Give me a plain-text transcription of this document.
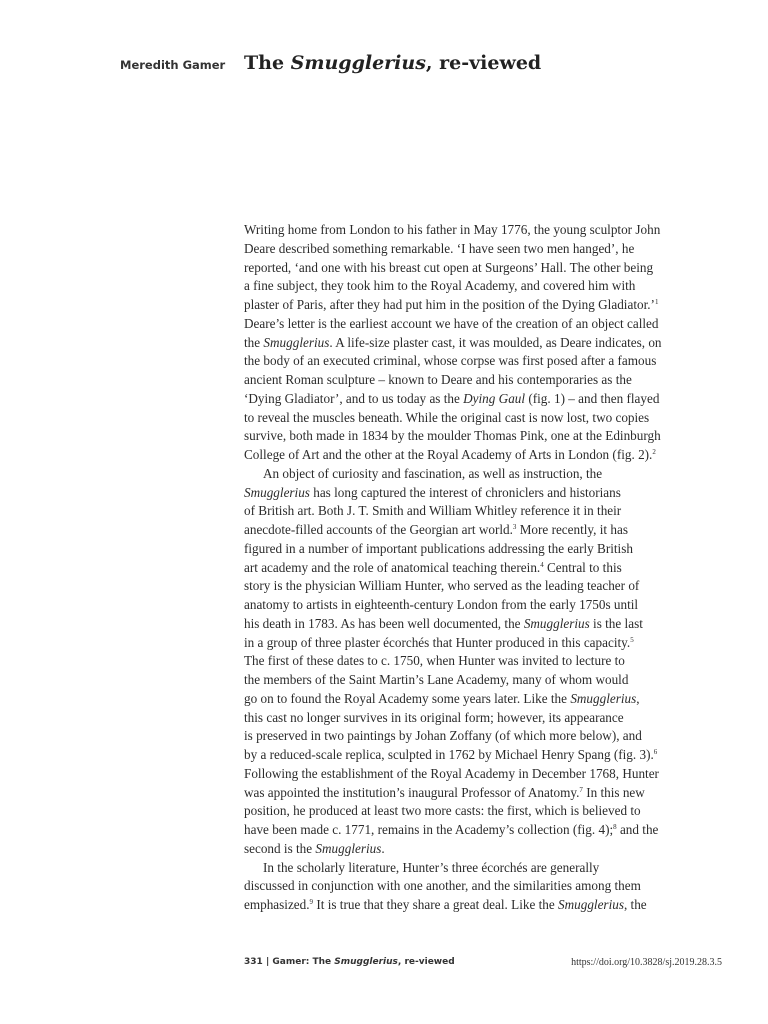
Meredith Gamer The Smugglerius, re-viewed
Writing home from London to his father in May 1776, the young sculptor John
Deare described something remarkable. ‘I have seen two men hanged’, he
reported, ‘and one with his breast cut open at Surgeons’ Hall. The other being
a fine subject, they took him to the Royal Academy, and covered him with
plaster of Paris, after they had put him in the position of the Dying Gladiator.’$^1$
Deare’s letter is the earliest account we have of the creation of an object called
the Smugglerius. A life-size plaster cast, it was moulded, as Deare indicates, on
the body of an executed criminal, whose corpse was first posed after a famous
ancient Roman sculpture – known to Deare and his contemporaries as the
‘Dying Gladiator’, and to us today as the Dying Gaul (fig. 1) – and then flayed
to reveal the muscles beneath. While the original cast is now lost, two copies
survive, both made in 1834 by the moulder Thomas Pink, one at the Edinburgh
College of Art and the other at the Royal Academy of Arts in London (fig. 2).$^2$
An object of curiosity and fascination, as well as instruction, the
Smugglerius has long captured the interest of chroniclers and historians
of British art. Both J. T. Smith and William Whitley reference it in their
anecdote-filled accounts of the Georgian art world.$^3$ More recently, it has
figured in a number of important publications addressing the early British
art academy and the role of anatomical teaching therein.$^4$ Central to this
story is the physician William Hunter, who served as the leading teacher of
anatomy to artists in eighteenth-century London from the early 1750s until
his death in 1783. As has been well documented, the Smugglerius is the last
in a group of three plaster écorchés that Hunter produced in this capacity.$^5$
The first of these dates to c. 1750, when Hunter was invited to lecture to
the members of the Saint Martin’s Lane Academy, many of whom would
go on to found the Royal Academy some years later. Like the Smugglerius,
this cast no longer survives in its original form; however, its appearance
is preserved in two paintings by Johan Zoffany (of which more below), and
by a reduced-scale replica, sculpted in 1762 by Michael Henry Spang (fig. 3).$^6$
Following the establishment of the Royal Academy in December 1768, Hunter
was appointed the institution’s inaugural Professor of Anatomy.$^7$ In this new
position, he produced at least two more casts: the first, which is believed to
have been made c. 1771, remains in the Academy’s collection (fig. 4);$^8$ and the
second is the Smugglerius.
In the scholarly literature, Hunter’s three écorchés are generally
discussed in conjunction with one another, and the similarities among them
emphasized.$^9$ It is true that they share a great deal. Like the Smugglerius, the
331 | Gamer: The Smugglerius, re-viewed	https://doi.org/10.3828/sj.2019.28.3.5
